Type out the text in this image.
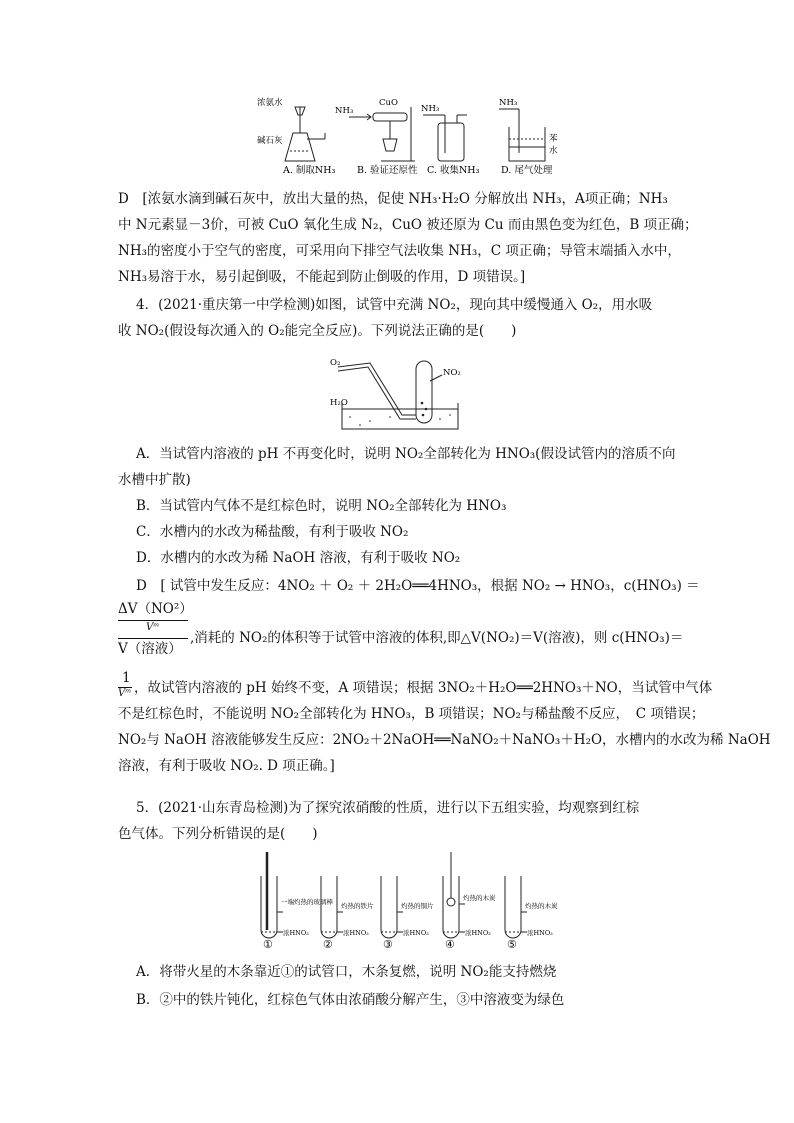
浓氨水
碱石灰
A. 制取NH₃
NH₃
CuO
B. 验证还原性
NH₃
C. 收集NH₃
NH₃
苯
水
D. 尾气处理
D　[浓氨水滴到碱石灰中，放出大量的热，促使 NH₃·H₂O 分解放出 NH₃，A项正确；NH₃
中 N元素显－3价，可被 CuO 氧化生成 N₂，CuO 被还原为 Cu 而由黑色变为红色，B 项正确；
NH₃的密度小于空气的密度，可采用向下排空气法收集 NH₃，C 项正确；导管末端插入水中，
NH₃易溶于水，易引起倒吸，不能起到防止倒吸的作用，D 项错误。]
4．(2021·重庆第一中学检测)如图，试管中充满 NO₂，现向其中缓慢通入 O₂，用水吸
收 NO₂(假设每次通入的 O₂能完全反应)。下列说法正确的是(　　)
O₂
NO₂
H₂O
A．当试管内溶液的 pH 不再变化时，说明 NO₂全部转化为 HNO₃(假设试管内的溶质不向
水槽中扩散)
B．当试管内气体不是红棕色时，说明 NO₂全部转化为 HNO₃
C．水槽内的水改为稀盐酸，有利于吸收 NO₂
D．水槽内的水改为稀 NaOH 溶液，有利于吸收 NO₂
D　[ 试管中发生反应：4NO₂ ＋ O₂ ＋ 2H₂O══4HNO₃，根据 NO₂ → HNO₃，c(HNO₃) ＝
ΔV（NO²）
Vᵐ
V（溶液）
,消耗的 NO₂的体积等于试管中溶液的体积,即△V(NO₂)＝V(溶液)，则 c(HNO₃)＝
1
Vᵐ ，故试管内溶液的 pH 始终不变，A 项错误；根据 3NO₂＋H₂O══2HNO₃＋NO，当试管中气体
不是红棕色时，不能说明 NO₂全部转化为 HNO₃，B 项错误；NO₂与稀盐酸不反应，　C 项错误；
NO₂与 NaOH 溶液能够发生反应：2NO₂＋2NaOH══NaNO₂＋NaNO₃＋H₂O，水槽内的水改为稀 NaOH
溶液，有利于吸收 NO₂. D 项正确。]
5．(2021·山东青岛检测)为了探究浓硝酸的性质，进行以下五组实验，均观察到红棕
色气体。下列分析错误的是(　　)
一端灼热的玻璃棒 灼热的铁片	灼热的铜片
灼热的木炭
灼热的木炭
浓HNO₃	浓HNO₃	浓HNO₃	浓HNO₃	浓HNO₃
①	②	③	④	⑤
A．将带火星的木条靠近①的试管口，木条复燃，说明 NO₂能支持燃烧
B．②中的铁片钝化，红棕色气体由浓硝酸分解产生，③中溶液变为绿色
